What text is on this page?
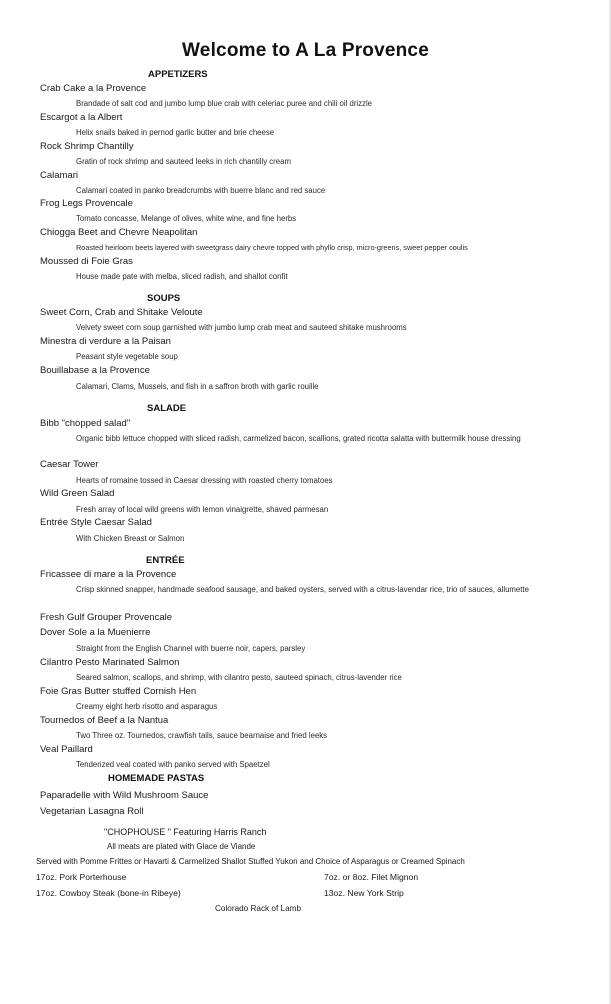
Welcome to A La Provence
APPETIZERS
Crab Cake a la Provence
Brandade of salt cod and jumbo lump blue crab with celeriac puree and chili oil drizzle
Escargot a la Albert
Helix snails baked in pernod garlic butter and brie cheese
Rock Shrimp Chantilly
Gratin of rock shrimp and sauteed leeks in rich chantilly cream
Calamari
Calamari coated in panko breadcrumbs with buerre blanc and red sauce
Frog Legs Provencale
Tomato concasse, Melange of olives, white wine, and fine herbs
Chiogga Beet and Chevre Neapolitan
Roasted heirloom beets layered with sweetgrass dairy chevre topped with phyllo crisp, micro-greens, sweet pepper coulis
Moussed di Foie Gras
House made pate with melba, sliced radish, and shallot confit
SOUPS
Sweet Corn, Crab and Shitake Veloute
Velvety sweet corn soup garnished with jumbo lump crab meat and sauteed shitake mushrooms
Minestra di verdure a la Paisan
Peasant style vegetable soup
Bouillabase a la Provence
Calamari, Clams, Mussels, and fish in a saffron broth with garlic rouille
SALADE
Bibb "chopped salad"
Organic bibb lettuce chopped with sliced radish, carmelized bacon, scallions, grated ricotta salatta with buttermilk house dressing
Caesar Tower
Hearts of romaine tossed in Caesar dressing with roasted cherry tomatoes
Wild Green Salad
Fresh array of local wild greens with lemon vinaigrette, shaved parmesan
Entrée Style Caesar Salad
With Chicken Breast or Salmon
ENTRÉE
Fricassee di mare a la Provence
Crisp skinned snapper, handmade seafood sausage, and baked oysters, served with a citrus-lavendar rice, trio of sauces, allumette
Fresh Gulf Grouper Provencale
Dover Sole a la Muenierre
Straight from the English Channel with buerre noir, capers, parsley
Cilantro Pesto Marinated Salmon
Seared salmon, scallops, and shrimp, with cilantro pesto, sauteed spinach, citrus-lavender rice
Foie Gras Butter stuffed Cornish Hen
Creamy eight herb risotto and asparagus
Tournedos of Beef a la Nantua
Two Three oz. Tournedos, crawfish tails, sauce bearnaise and fried leeks
Veal Paillard
Tenderized veal coated with panko served with Spaetzel
HOMEMADE PASTAS
Paparadelle with Wild Mushroom Sauce
Vegetarian Lasagna Roll
"CHOPHOUSE " Featuring Harris Ranch
All meats are plated with Glace de Viande
Served with Pomme Frittes or Havarti & Carmelized Shallot Stuffed Yukon and Choice of Asparagus or Creamed Spinach
17oz. Pork Porterhouse	7oz. or 8oz. Filet Mignon
17oz. Cowboy Steak (bone-in Ribeye)	13oz. New York Strip
Colorado Rack of Lamb
